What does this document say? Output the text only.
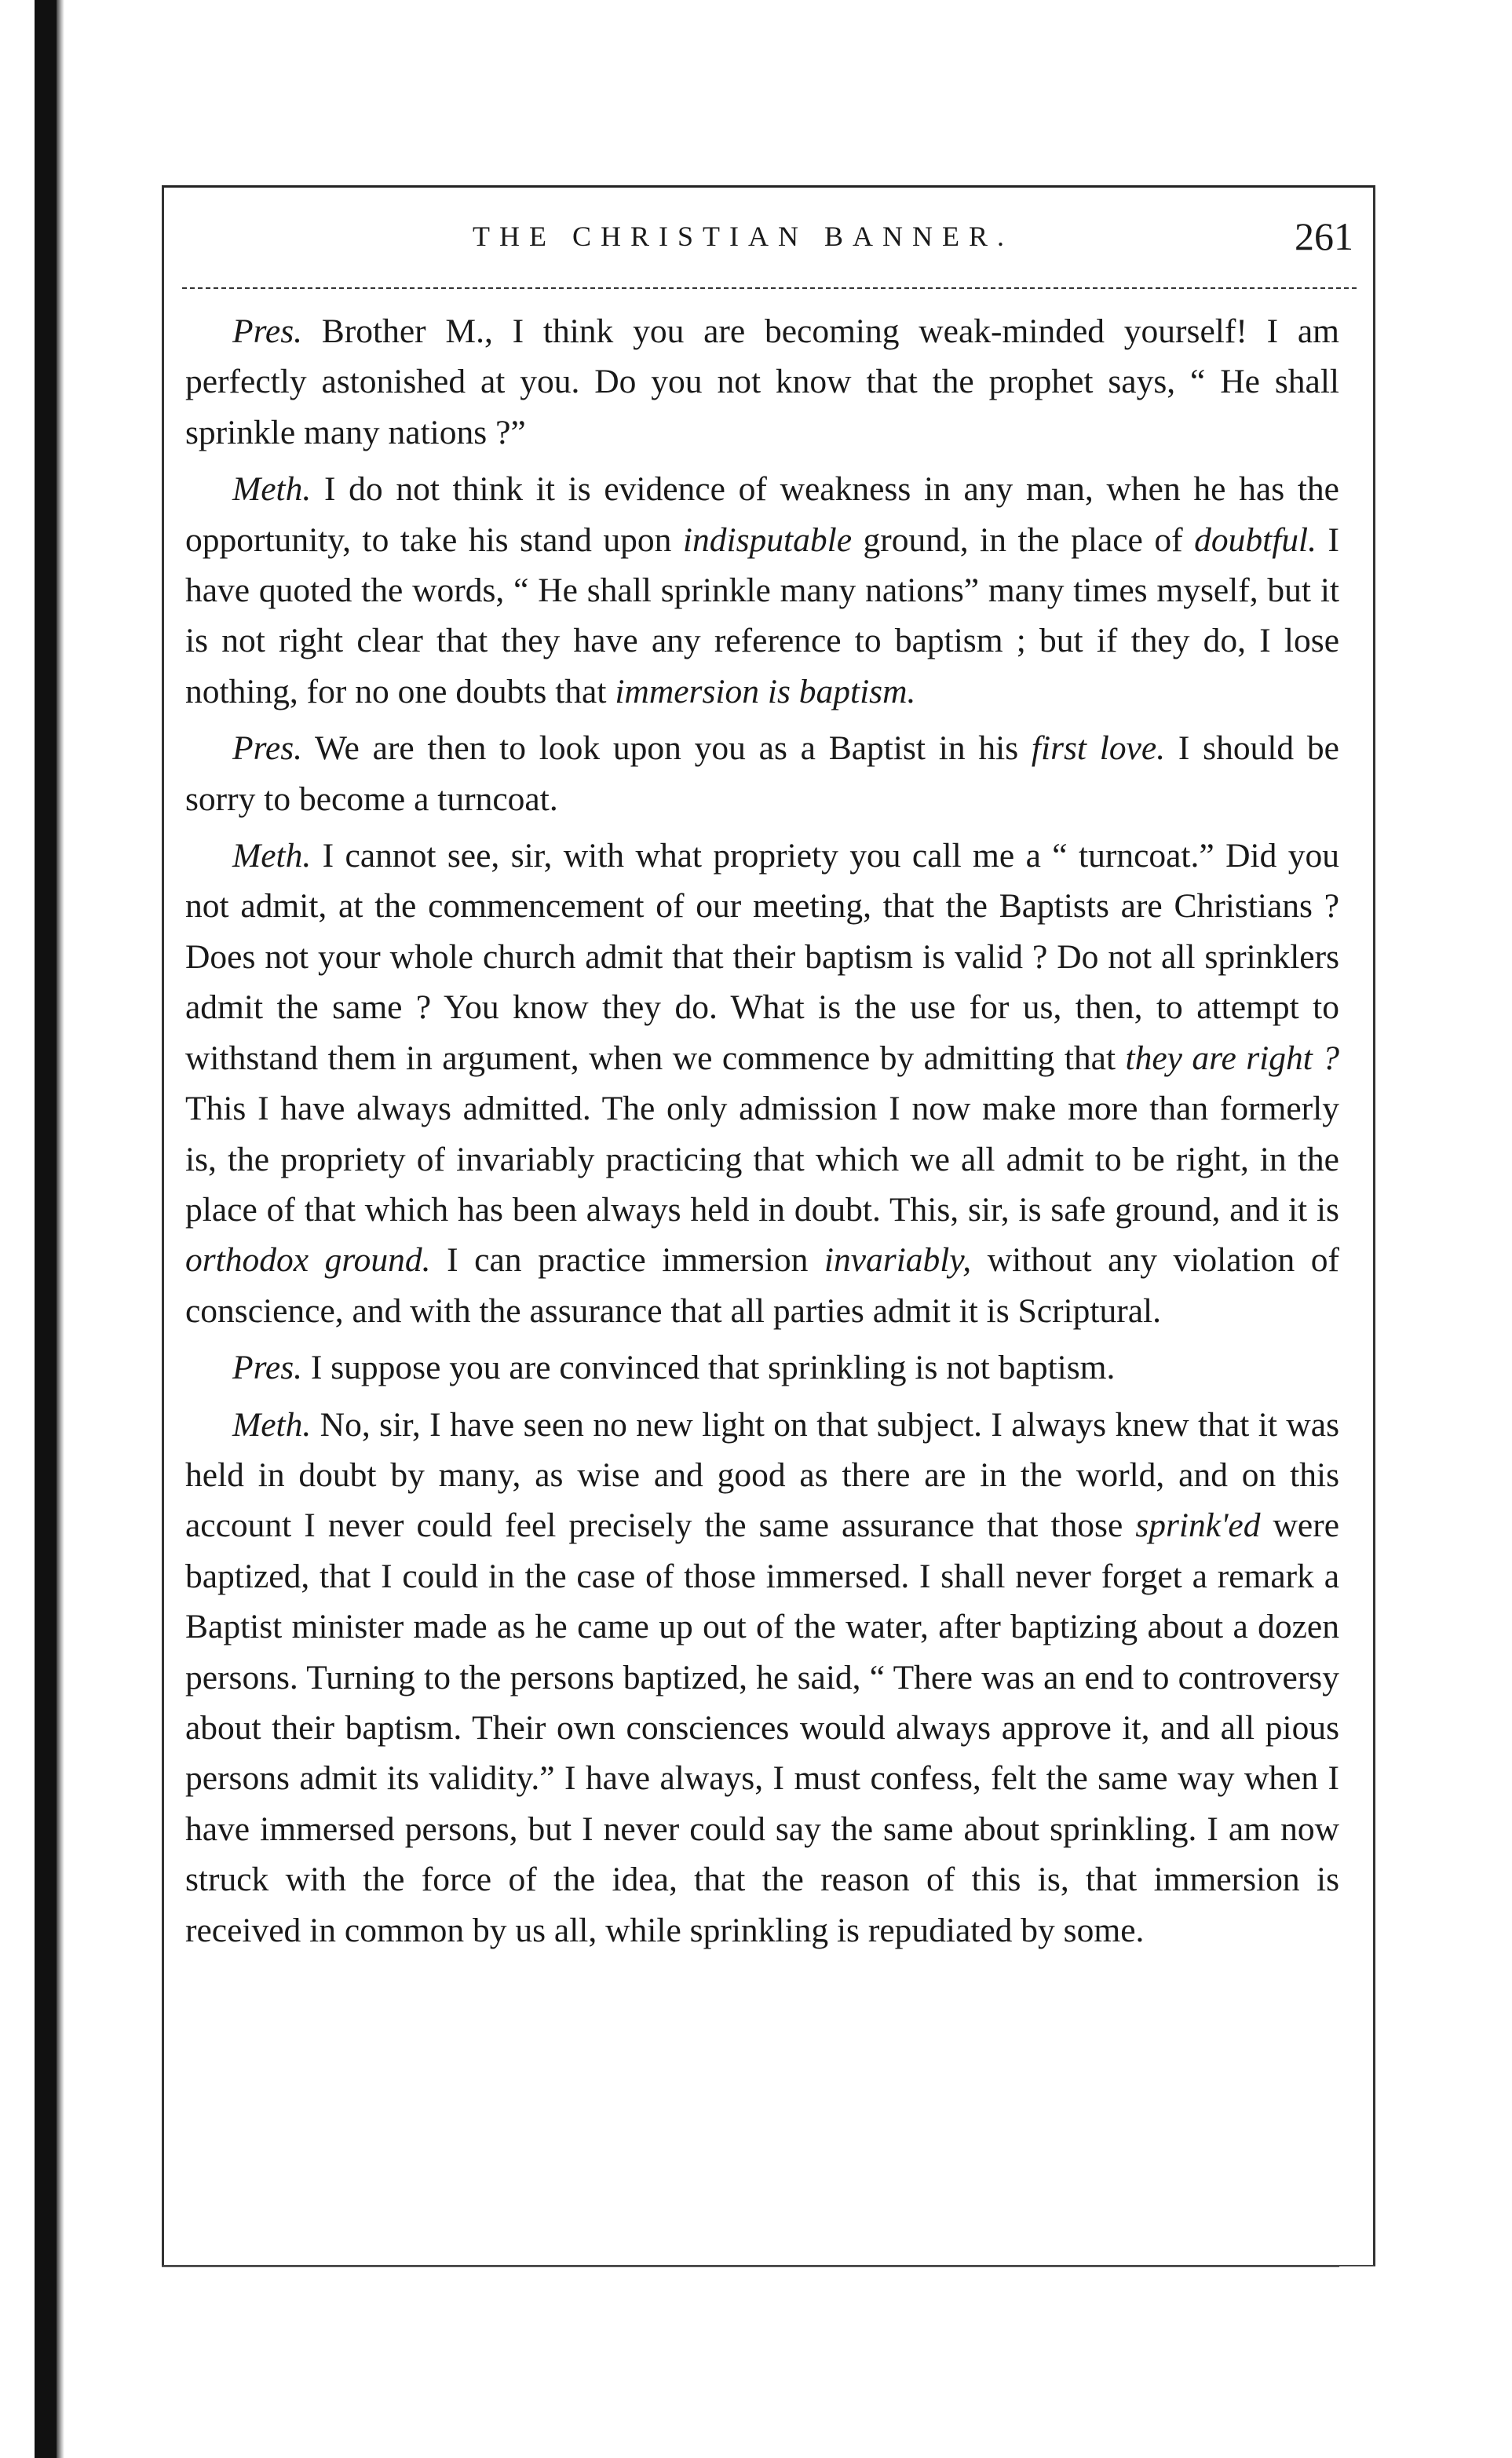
THE CHRISTIAN BANNER.	261

Pres. Brother M., I think you are becoming weak-minded yourself! I am perfectly astonished at you. Do you not know that the prophet says, “ He shall sprinkle many nations ?”

Meth. I do not think it is evidence of weakness in any man, when he has the opportunity, to take his stand upon indisputable ground, in the place of doubtful. I have quoted the words, “ He shall sprinkle many nations” many times myself, but it is not right clear that they have any reference to baptism ; but if they do, I lose nothing, for no one doubts that immersion is baptism.

Pres. We are then to look upon you as a Baptist in his first love. I should be sorry to become a turncoat.

Meth. I cannot see, sir, with what propriety you call me a “ turncoat.” Did you not admit, at the commencement of our meeting, that the Baptists are Christians ? Does not your whole church admit that their baptism is valid ? Do not all sprinklers admit the same ? You know they do. What is the use for us, then, to attempt to withstand them in argument, when we commence by admitting that they are right ? This I have always admitted. The only admission I now make more than formerly is, the propriety of invariably practicing that which we all admit to be right, in the place of that which has been always held in doubt. This, sir, is safe ground, and it is orthodox ground. I can practice immersion invariably, without any violation of conscience, and with the assurance that all parties admit it is Scriptural.

Pres. I suppose you are convinced that sprinkling is not baptism.

Meth. No, sir, I have seen no new light on that subject. I always knew that it was held in doubt by many, as wise and good as there are in the world, and on this account I never could feel precisely the same assurance that those sprink'ed were baptized, that I could in the case of those immersed. I shall never forget a remark a Baptist minister made as he came up out of the water, after baptizing about a dozen persons. Turning to the persons baptized, he said, “ There was an end to controversy about their baptism. Their own consciences would always approve it, and all pious persons admit its validity.” I have always, I must confess, felt the same way when I have immersed persons, but I never could say the same about sprinkling. I am now struck with the force of the idea, that the reason of this is, that immersion is received in common by us all, while sprinkling is repudiated by some.
